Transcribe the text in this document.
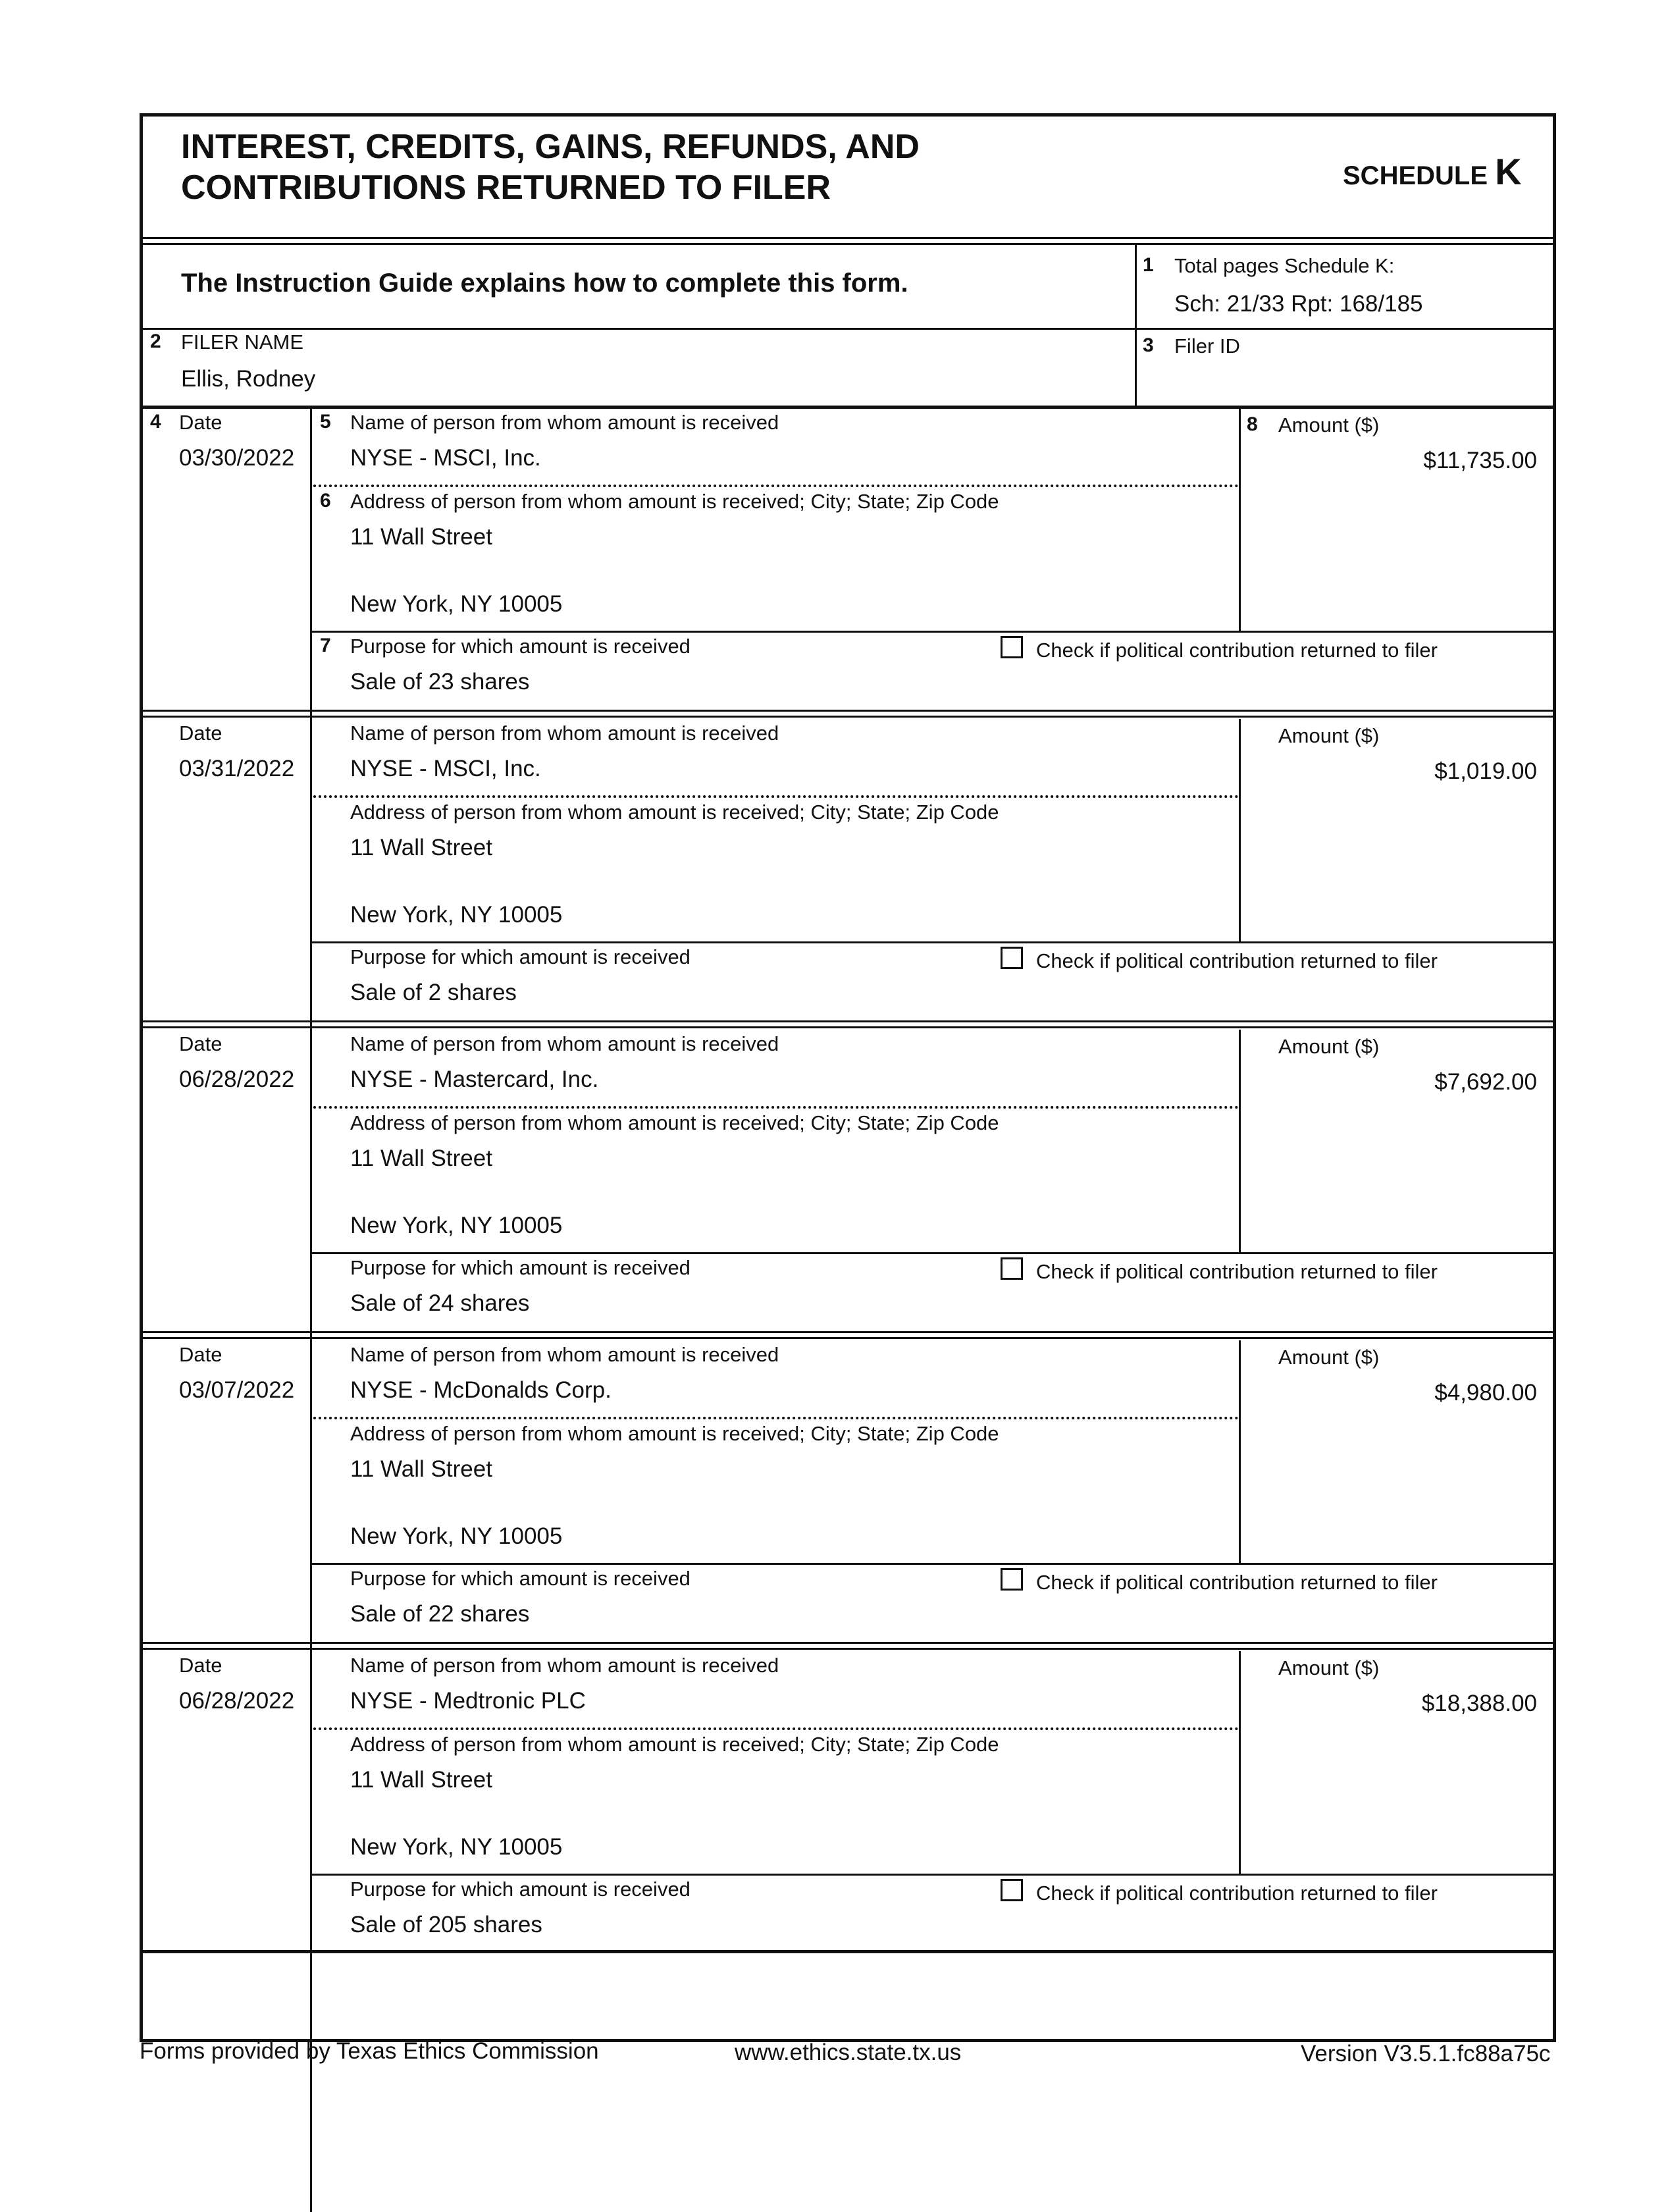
INTEREST, CREDITS, GAINS, REFUNDS, AND
CONTRIBUTIONS RETURNED TO FILER	SCHEDULE K
The Instruction Guide explains how to complete this form.
1 Total pages Schedule K:
Sch: 21/33 Rpt: 168/185
2 FILER NAME
Ellis, Rodney
3 Filer ID
4 Date
03/30/2022
5 Name of person from whom amount is received
NYSE - MSCI, Inc.
6 Address of person from whom amount is received; City; State; Zip Code
11 Wall Street
New York, NY 10005
7 Purpose for which amount is received
Sale of 23 shares
Check if political contribution returned to filer
8 Amount ($)
$11,735.00
Date
03/31/2022
Name of person from whom amount is received
NYSE - MSCI, Inc.
Address of person from whom amount is received; City; State; Zip Code
11 Wall Street
New York, NY 10005
Purpose for which amount is received
Sale of 2 shares
Check if political contribution returned to filer
Amount ($)
$1,019.00
Date
06/28/2022
Name of person from whom amount is received
NYSE - Mastercard, Inc.
Address of person from whom amount is received; City; State; Zip Code
11 Wall Street
New York, NY 10005
Purpose for which amount is received
Sale of 24 shares
Check if political contribution returned to filer
Amount ($)
$7,692.00
Date
03/07/2022
Name of person from whom amount is received
NYSE - McDonalds Corp.
Address of person from whom amount is received; City; State; Zip Code
11 Wall Street
New York, NY 10005
Purpose for which amount is received
Sale of 22 shares
Check if political contribution returned to filer
Amount ($)
$4,980.00
Date
06/28/2022
Name of person from whom amount is received
NYSE - Medtronic PLC
Address of person from whom amount is received; City; State; Zip Code
11 Wall Street
New York, NY 10005
Purpose for which amount is received
Sale of 205 shares
Check if political contribution returned to filer
Amount ($)
$18,388.00
Forms provided by Texas Ethics Commission	www.ethics.state.tx.us	Version V3.5.1.fc88a75c
